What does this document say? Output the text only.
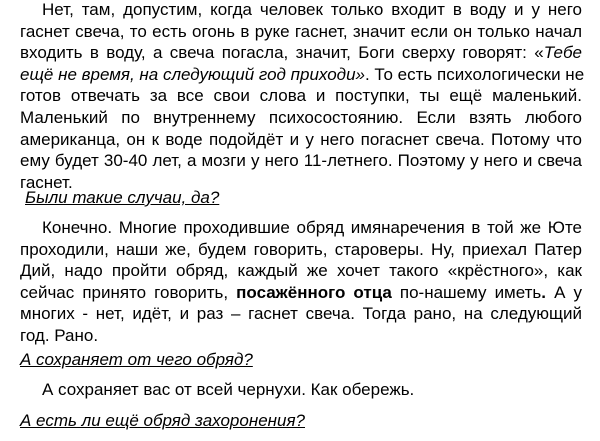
Нет, там, допустим, когда человек только входит в воду и у него
гаснет свеча, то есть огонь в руке гаснет, значит если он только начал
входить в воду, а свеча погасла, значит, Боги сверху говорят: «Тебе
ещё не время, на следующий год приходи». То есть психологически не
готов отвечать за все свои слова и поступки, ты ещё маленький.
Маленький по внутреннему психосостоянию. Если взять любого
американца, он к воде подойдёт и у него погаснет свеча. Потому что
ему будет 30-40 лет, а мозги у него 11-летнего. Поэтому у него и свеча
гаснет.
Были такие случаи, да?
Конечно. Многие проходившие обряд имянаречения в той же Юте
проходили, наши же, будем говорить, староверы. Ну, приехал Патер
Дий, надо пройти обряд, каждый же хочет такого «крёстного», как
сейчас принято говорить, посажённого отца по-нашему иметь. А у
многих - нет, идёт, и раз – гаснет свеча. Тогда рано, на следующий
год. Рано.
А сохраняет от чего обряд?
А сохраняет вас от всей чернухи. Как обережь.
А есть ли ещё обряд захоронения?
